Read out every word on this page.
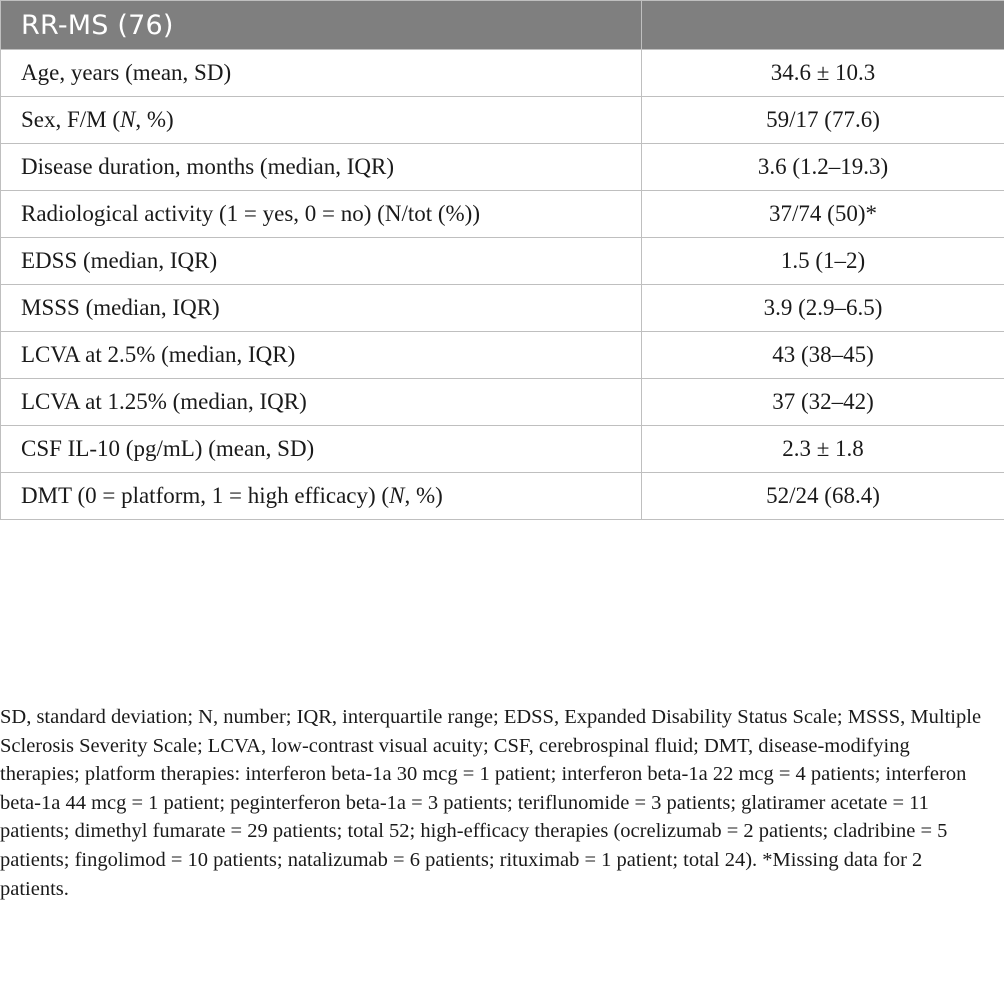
RR-MS (76)	
Age, years (mean, SD)	34.6 ± 10.3
Sex, F/M (N, %)	59/17 (77.6)
Disease duration, months (median, IQR)	3.6 (1.2–19.3)
Radiological activity (1 = yes, 0 = no) (N/tot (%))	37/74 (50)*
EDSS (median, IQR)	1.5 (1–2)
MSSS (median, IQR)	3.9 (2.9–6.5)
LCVA at 2.5% (median, IQR)	43 (38–45)
LCVA at 1.25% (median, IQR)	37 (32–42)
CSF IL-10 (pg/mL) (mean, SD)	2.3 ± 1.8
DMT (0 = platform, 1 = high efficacy) (N, %)	52/24 (68.4)

SD, standard deviation; N, number; IQR, interquartile range; EDSS, Expanded Disability Status Scale; MSSS, Multiple Sclerosis Severity Scale; LCVA, low-contrast visual acuity; CSF, cerebrospinal fluid; DMT, disease-modifying therapies; platform therapies: interferon beta-1a 30 mcg = 1 patient; interferon beta-1a 22 mcg = 4 patients; interferon beta-1a 44 mcg = 1 patient; peginterferon beta-1a = 3 patients; teriflunomide = 3 patients; glatiramer acetate = 11 patients; dimethyl fumarate = 29 patients; total 52; high-efficacy therapies (ocrelizumab = 2 patients; cladribine = 5 patients; fingolimod = 10 patients; natalizumab = 6 patients; rituximab = 1 patient; total 24). *Missing data for 2 patients.
